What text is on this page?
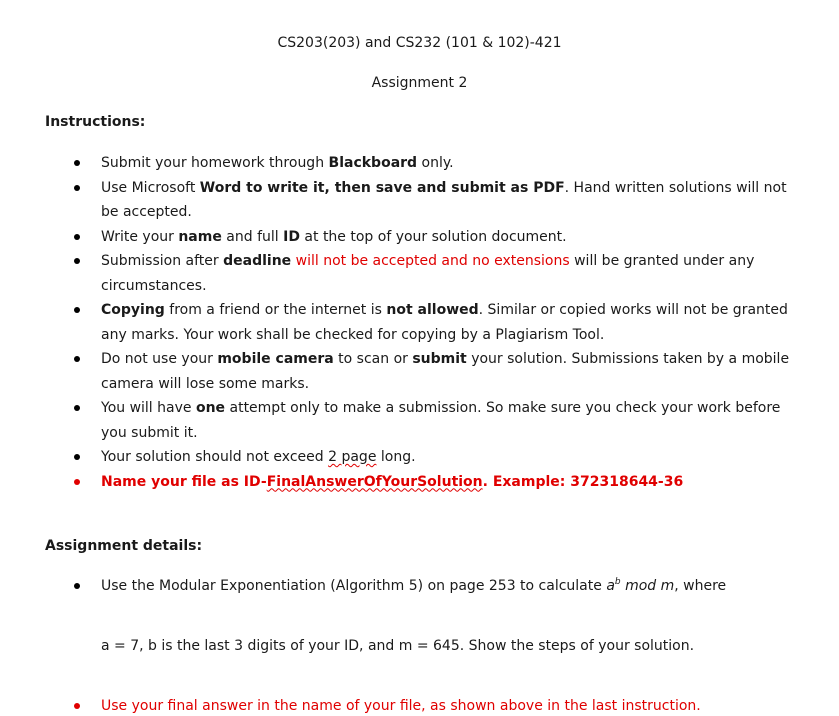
CS203(203) and CS232 (101 & 102)-421
Assignment 2
Instructions:
Submit your homework through Blackboard only.
Use Microsoft Word to write it, then save and submit as PDF. Hand written solutions will not be accepted.
Write your name and full ID at the top of your solution document.
Submission after deadline will not be accepted and no extensions will be granted under any circumstances.
Copying from a friend or the internet is not allowed. Similar or copied works will not be granted any marks. Your work shall be checked for copying by a Plagiarism Tool.
Do not use your mobile camera to scan or submit your solution. Submissions taken by a mobile camera will lose some marks.
You will have one attempt only to make a submission. So make sure you check your work before you submit it.
Your solution should not exceed 2 page long.
Name your file as ID-FinalAnswerOfYourSolution. Example: 372318644-36
Assignment details:
Use the Modular Exponentiation (Algorithm 5) on page 253 to calculate $a^b$ mod m, where
a = 7, b is the last 3 digits of your ID, and m = 645. Show the steps of your solution.
Use your final answer in the name of your file, as shown above in the last instruction.
